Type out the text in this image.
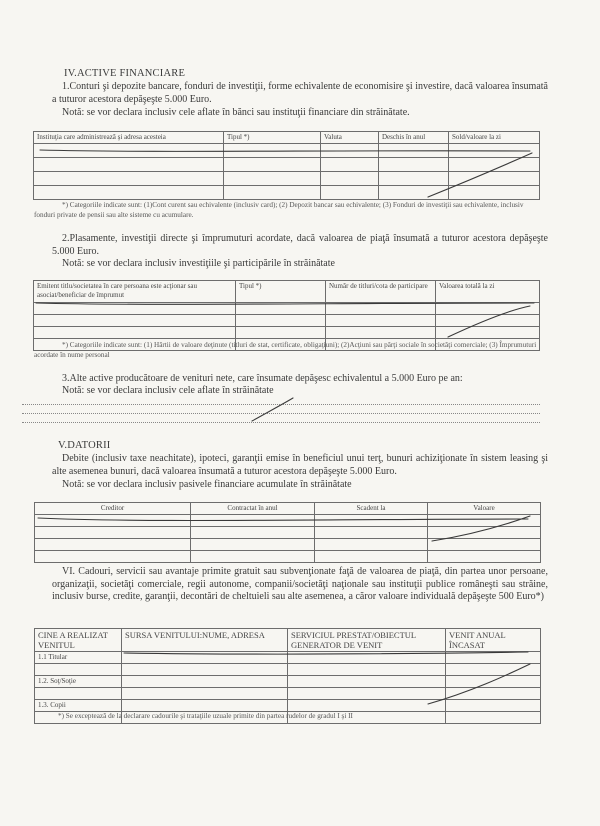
IV.ACTIVE FINANCIARE
1.Conturi şi depozite bancare, fonduri de investiţii, forme echivalente de economisire şi investire, dacă valoarea însumată a tuturor acestora depăşeşte 5.000 Euro.
Notă: se vor declara inclusiv cele aflate în bănci sau instituţii financiare din străinătate.
Instituţia care administrează şi adresa acesteia	Tipul *)	Valuta	Deschis în anul	Sold/valoare la zi

*) Categoriile indicate sunt: (1)Cont curent sau echivalente (inclusiv card); (2) Depozit bancar sau echivalente; (3) Fonduri de investiţii sau echivalente, inclusiv fonduri private de pensii sau alte sisteme cu acumulare.
2.Plasamente, investiţii directe şi împrumuturi acordate, dacă valoarea de piaţă însumată a tuturor acestora depăşeşte 5.000 Euro.
Notă: se vor declara inclusiv investiţiile şi participările în străinătate
Emitent titlu/societatea în care persoana este acţionar sau asociat/beneficiar de împrumut	Tipul *)	Număr de titluri/cota de participare	Valoarea totală la zi

*) Categoriile indicate sunt: (1) Hârtii de valoare deţinute (titluri de stat, certificate, obligaţiuni); (2)Acţiuni sau părţi sociale în societăţi comerciale; (3) Împrumuturi acordate în nume personal
3.Alte active producătoare de venituri nete, care însumate depăşesc echivalentul a 5.000 Euro pe an:
Notă: se vor declara inclusiv cele aflate în străinătate
V.DATORII
Debite (inclusiv taxe neachitate), ipoteci, garanţii emise în beneficiul unui terţ, bunuri achiziţionate în sistem leasing şi alte asemenea bunuri, dacă valoarea însumată a tuturor acestora depăşeşte 5.000 Euro.
Notă: se vor declara inclusiv pasivele financiare acumulate în străinătate
Creditor	Contractat în anul	Scadent la	Valoare

VI. Cadouri, servicii sau avantaje primite gratuit sau subvenţionate faţă de valoarea de piaţă, din partea unor persoane, organizaţii, societăţi comerciale, regii autonome, companii/societăţi naţionale sau instituţii publice româneşti sau străine, inclusiv burse, credite, garanţii, decontări de cheltuieli sau alte asemenea, a căror valoare individuală depăşeşte 500 Euro*)
CINE A REALIZAT VENITUL	SURSA VENITULUI:NUME, ADRESA	SERVICIUL PRESTAT/OBIECTUL GENERATOR DE VENIT	VENIT ANUAL ÎNCASAT
1.1 Titular			

1.2. Soţ/Soţie			

1.3. Copii			

*) Se exceptează de la declarare cadourile şi trataţiile uzuale primite din partea rudelor de gradul I şi II
